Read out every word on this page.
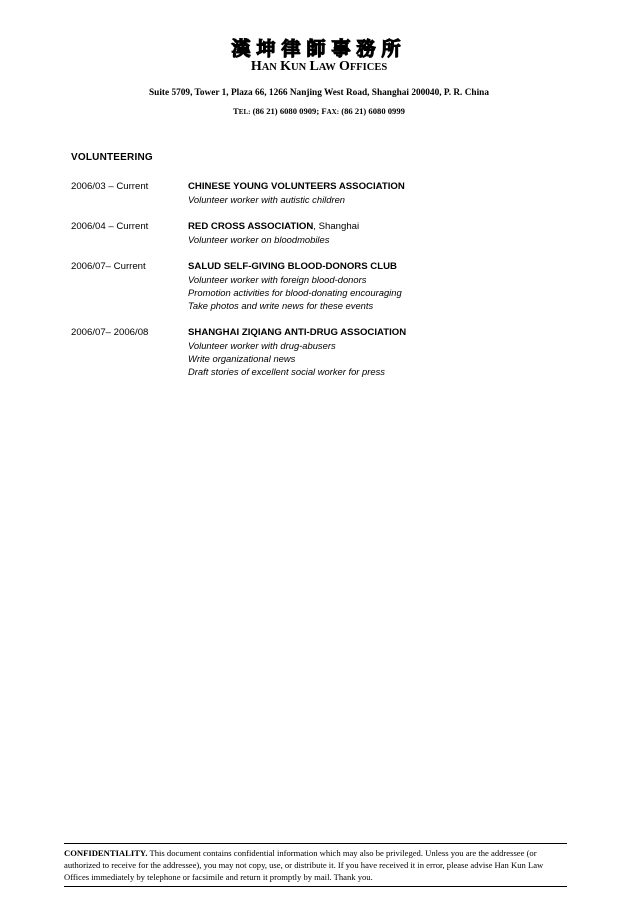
漢坤律師事務所
HAN KUN LAW OFFICES
Suite 5709, Tower 1, Plaza 66, 1266 Nanjing West Road, Shanghai 200040, P. R. China
TEL: (86 21) 6080 0909; FAX: (86 21) 6080 0999
VOLUNTEERING
2006/03 – Current	CHINESE YOUNG VOLUNTEERS ASSOCIATION
Volunteer worker with autistic children
2006/04 – Current	RED CROSS ASSOCIATION, Shanghai
Volunteer worker on bloodmobiles
2006/07– Current	SALUD SELF-GIVING BLOOD-DONORS CLUB
Volunteer worker with foreign blood-donors
Promotion activities for blood-donating encouraging
Take photos and write news for these events
2006/07– 2006/08	SHANGHAI ZIQIANG ANTI-DRUG ASSOCIATION
Volunteer worker with drug-abusers
Write organizational news
Draft stories of excellent social worker for press
CONFIDENTIALITY. This document contains confidential information which may also be privileged. Unless you are the addressee (or authorized to receive for the addressee), you may not copy, use, or distribute it. If you have received it in error, please advise Han Kun Law Offices immediately by telephone or facsimile and return it promptly by mail. Thank you.
